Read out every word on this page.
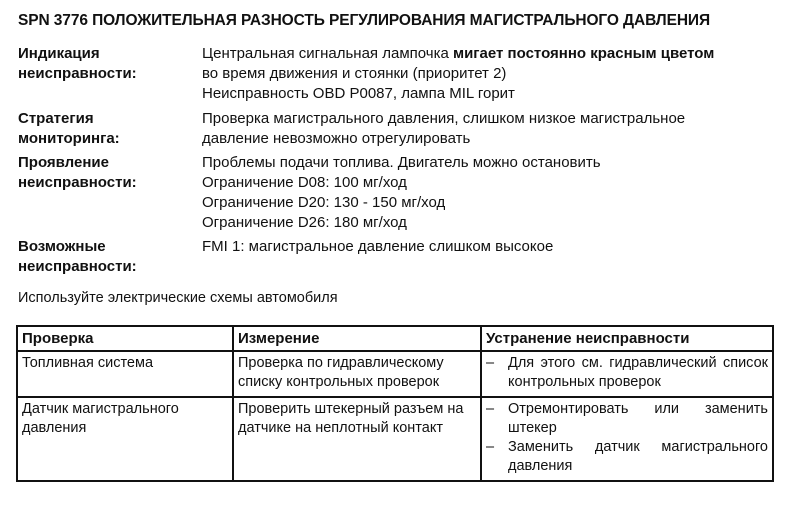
SPN 3776 ПОЛОЖИТЕЛЬНАЯ РАЗНОСТЬ РЕГУЛИРОВАНИЯ МАГИСТРАЛЬНОГО ДАВЛЕНИЯ
Индикация
неисправности:
Центральная сигнальная лампочка мигает постоянно красным цветом
во время движения и стоянки (приоритет 2)
Неисправность OBD P0087, лампа MIL горит
Стратегия
мониторинга:
Проверка магистрального давления, слишком низкое магистральное
давление невозможно отрегулировать
Проявление
неисправности:
Проблемы подачи топлива. Двигатель можно остановить
Ограничение D08: 100 мг/ход
Ограничение D20: 130 - 150 мг/ход
Ограничение D26: 180 мг/ход
Возможные
неисправности:
FMI 1: магистральное давление слишком высокое
Используйте электрические схемы автомобиля
Проверка	Измерение	Устранение неисправности
Топливная система	Проверка по гидравлическому списку контрольных проверок	– Для этого см. гидравлический список контрольных проверок

Датчик магистрального давления	Проверить штекерный разъем на датчике на неплотный контакт	– Отремонтировать или заменить штекер
– Заменить датчик магистрального давления
